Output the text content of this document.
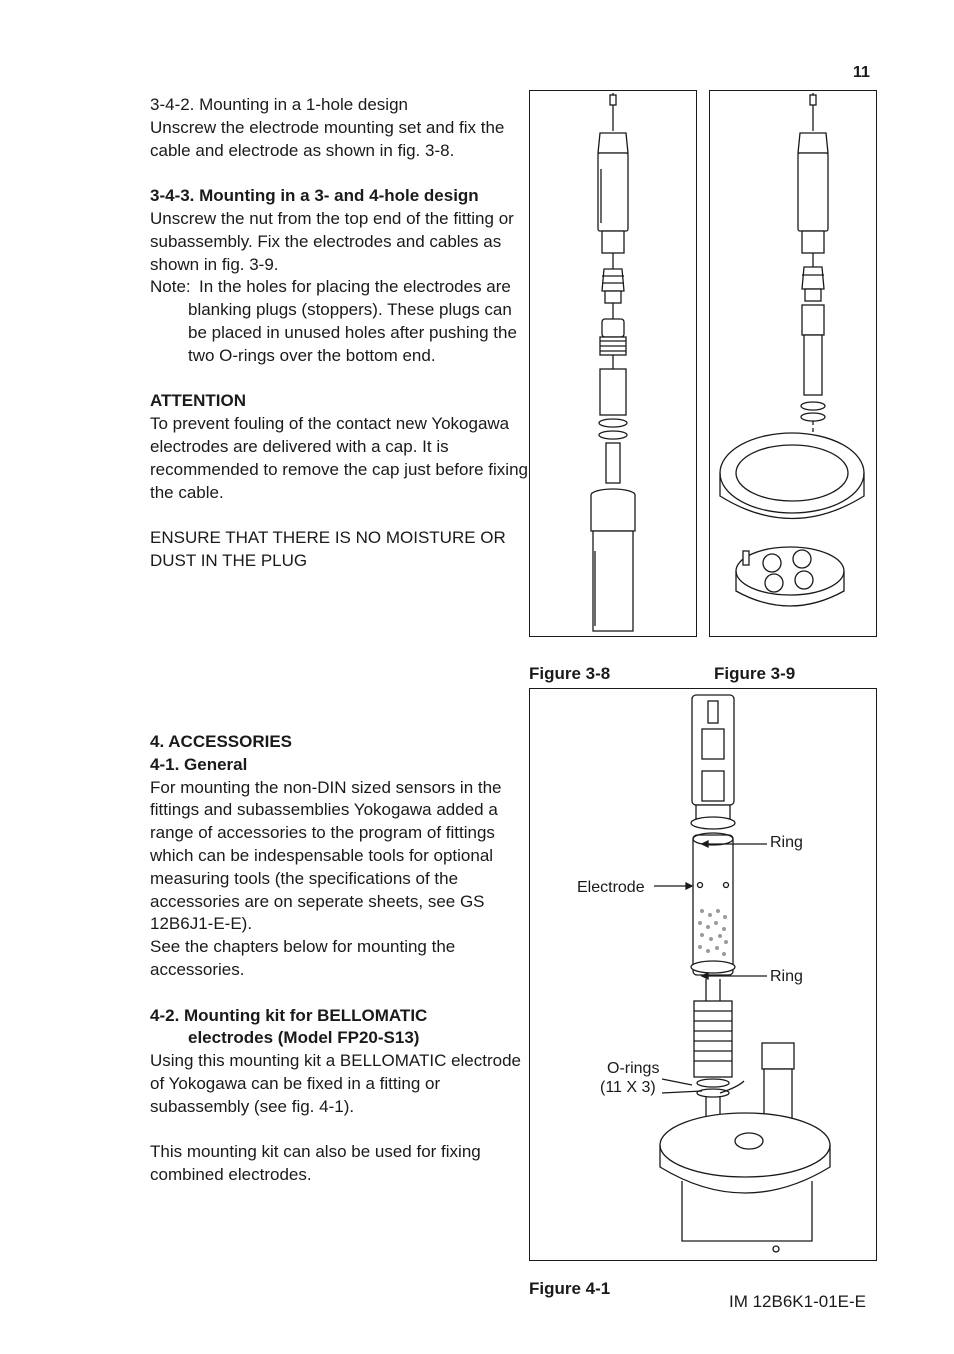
11

3-4-2. Mounting in a 1-hole design

Unscrew the electrode mounting set and fix the cable and electrode as shown in fig. 3-8.

3-4-3. Mounting in a 3- and 4-hole design

Unscrew the nut from the top end of the fitting or subassembly. Fix the electrodes and cables as shown in fig. 3-9.

Note: In the holes for placing the electrodes are

blanking plugs (stoppers). These plugs can be placed in unused holes after pushing the two O-rings over the bottom end.

ATTENTION

To prevent fouling of the contact new Yokogawa electrodes are delivered with a cap. It is recommended to remove the cap just before fixing the cable.

ENSURE THAT THERE IS NO MOISTURE OR DUST IN THE PLUG

4. ACCESSORIES

4-1. General

For mounting the non-DIN sized sensors in the fittings and subassemblies Yokogawa added a range of accessories to the program of fittings which can be indespensable tools for optional measuring tools (the specifications of the accessories are on seperate sheets, see GS 12B6J1-E-E).

See the chapters below for mounting the accessories.

4-2. Mounting kit for BELLOMATIC

electrodes (Model FP20-S13)

Using this mounting kit a BELLOMATIC electrode of Yokogawa can be fixed in a fitting or subassembly (see fig. 4-1).

This mounting kit can also be used for fixing combined electrodes.

Figure 3-8	Figure 3-9
Ring
Electrode
Ring
O-rings
(11 X 3)
Figure 4-1
IM 12B6K1-01E-E
